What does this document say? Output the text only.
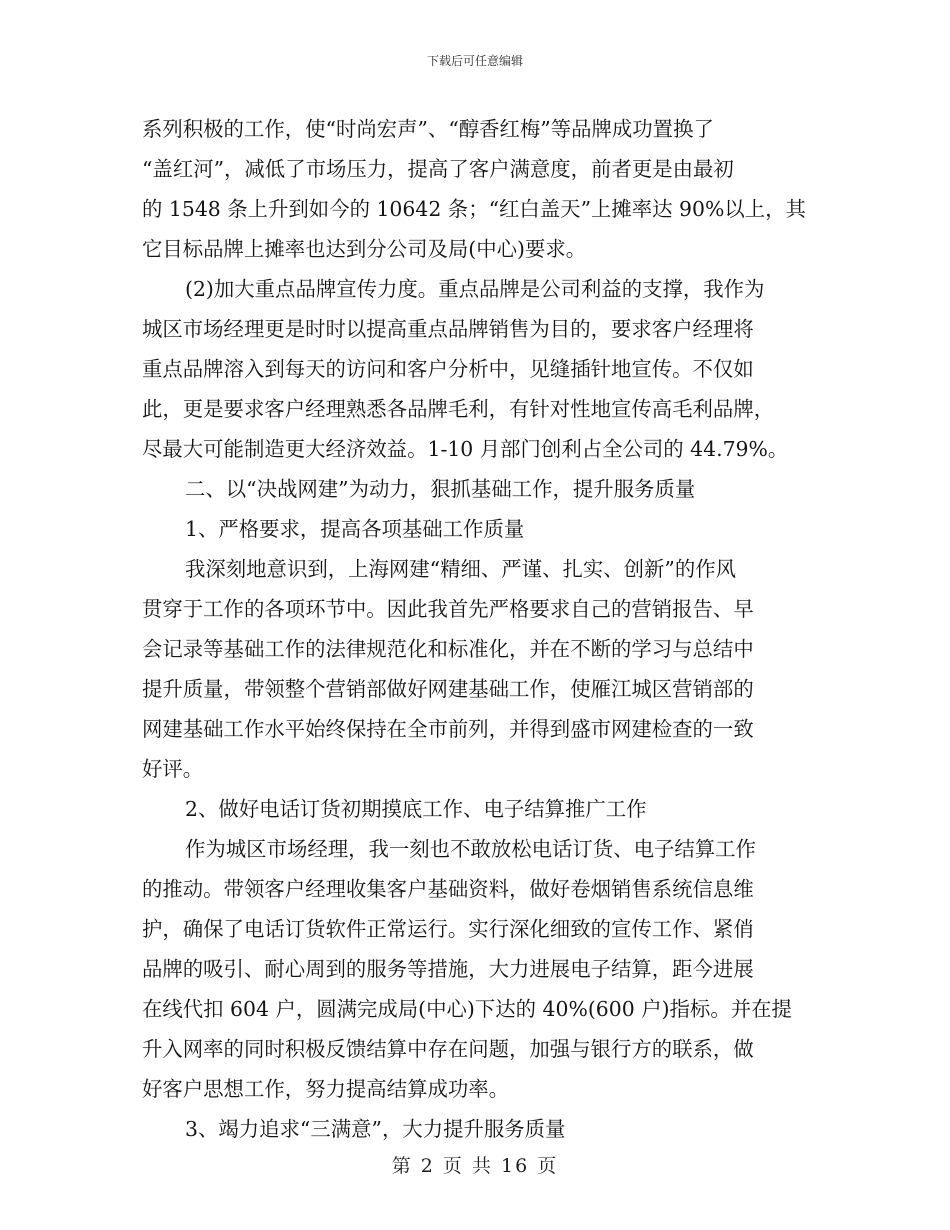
下载后可任意编辑
系列积极的工作，使“时尚宏声”、“醇香红梅”等品牌成功置换了
“盖红河”，减低了市场压力，提高了客户满意度，前者更是由最初
的 1548 条上升到如今的 10642 条；“红白盖天”上摊率达 90%以上，其
它目标品牌上摊率也达到分公司及局(中心)要求。
(2)加大重点品牌宣传力度。重点品牌是公司利益的支撑，我作为
城区市场经理更是时时以提高重点品牌销售为目的，要求客户经理将
重点品牌溶入到每天的访问和客户分析中，见缝插针地宣传。不仅如
此，更是要求客户经理熟悉各品牌毛利，有针对性地宣传高毛利品牌，
尽最大可能制造更大经济效益。1-10 月部门创利占全公司的 44.79%。
二、以“决战网建”为动力，狠抓基础工作，提升服务质量
1、严格要求，提高各项基础工作质量
我深刻地意识到，上海网建“精细、严谨、扎实、创新”的作风
贯穿于工作的各项环节中。因此我首先严格要求自己的营销报告、早
会记录等基础工作的法律规范化和标准化，并在不断的学习与总结中
提升质量，带领整个营销部做好网建基础工作，使雁江城区营销部的
网建基础工作水平始终保持在全市前列，并得到盛市网建检查的一致
好评。
2、做好电话订货初期摸底工作、电子结算推广工作
作为城区市场经理，我一刻也不敢放松电话订货、电子结算工作
的推动。带领客户经理收集客户基础资料，做好卷烟销售系统信息维
护，确保了电话订货软件正常运行。实行深化细致的宣传工作、紧俏
品牌的吸引、耐心周到的服务等措施，大力进展电子结算，距今进展
在线代扣 604 户，圆满完成局(中心)下达的 40%(600 户)指标。并在提
升入网率的同时积极反馈结算中存在问题，加强与银行方的联系，做
好客户思想工作，努力提高结算成功率。
3、竭力追求“三满意”，大力提升服务质量
第 2 页 共 16 页
